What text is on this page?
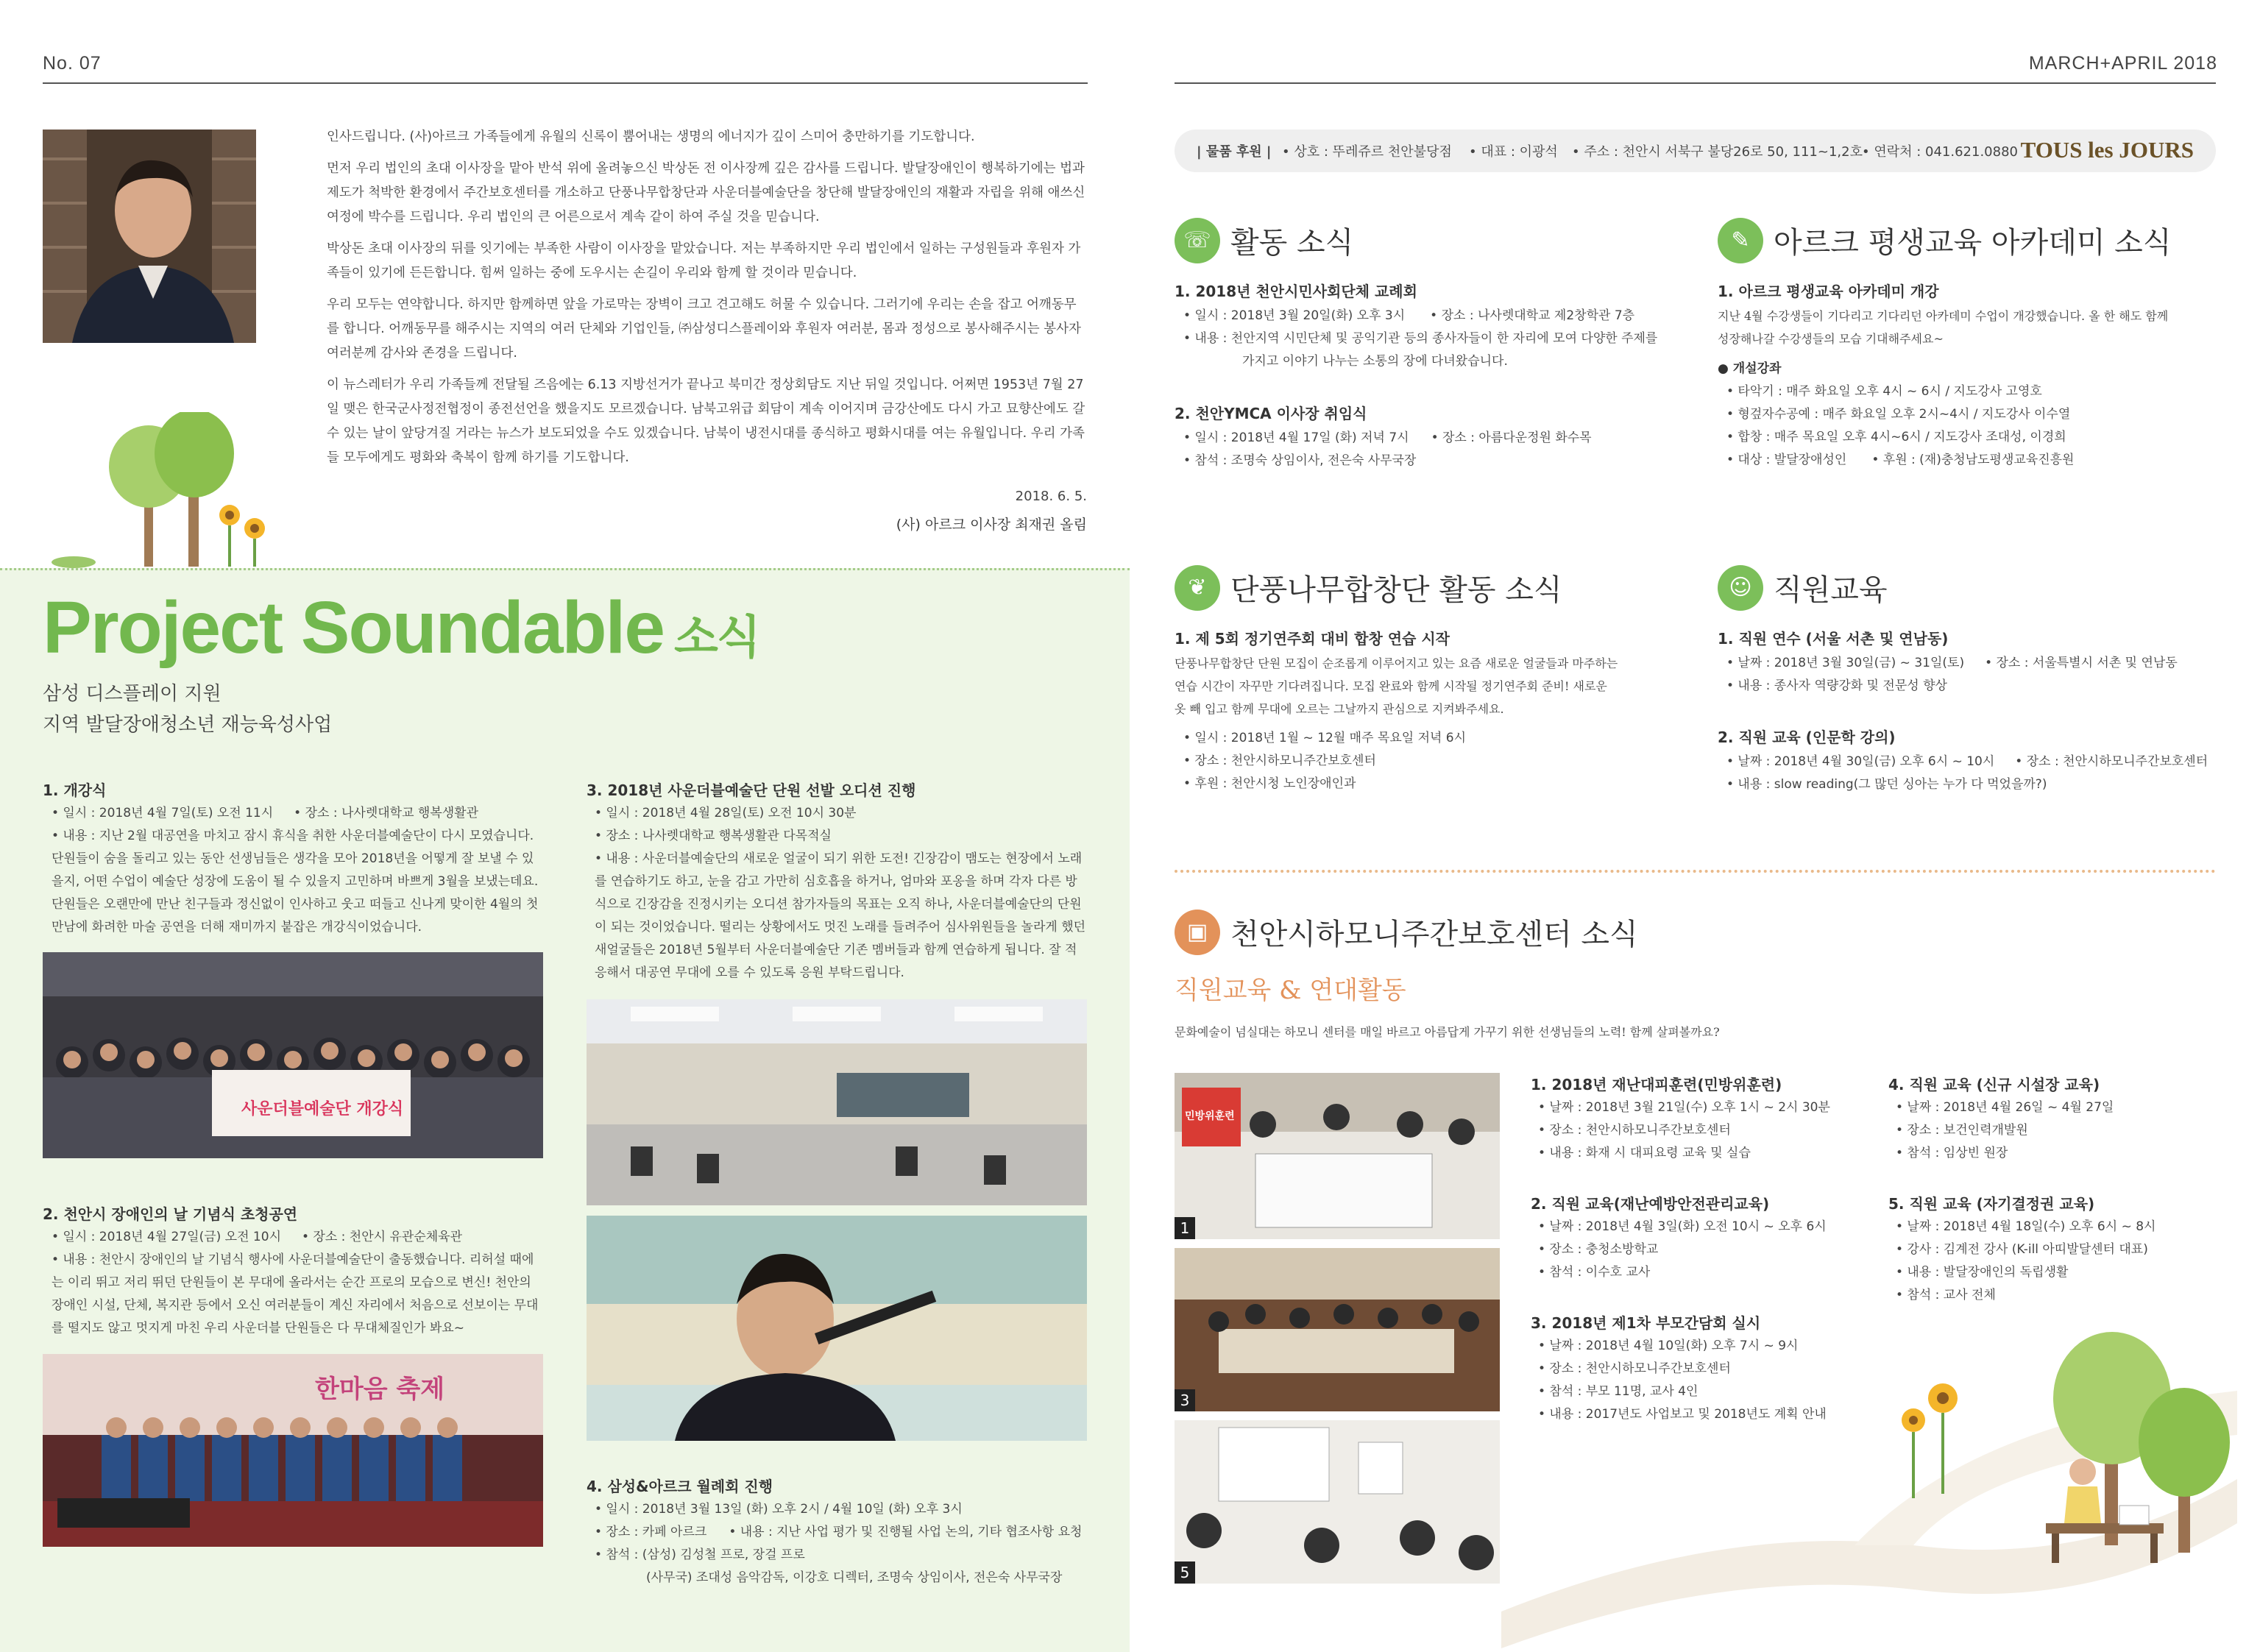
No. 07

인사드립니다. (사)아르크 가족들에게 유월의 신록이 뿜어내는 생명의 에너지가 깊이 스미어 충만하기를 기도합니다.

먼저 우리 법인의 초대 이사장을 맡아 반석 위에 올려놓으신 박상돈 전 이사장께 깊은 감사를 드립니다. 발달장애인이 행복하기에는 법과 제도가 척박한 환경에서 주간보호센터를 개소하고 단풍나무합창단과 사운더블예술단을 창단해 발달장애인의 재활과 자립을 위해 애쓰신 여정에 박수를 드립니다. 우리 법인의 큰 어른으로서 계속 같이 하여 주실 것을 믿습니다.

박상돈 초대 이사장의 뒤를 잇기에는 부족한 사람이 이사장을 맡았습니다. 저는 부족하지만 우리 법인에서 일하는 구성원들과 후원자 가족들이 있기에 든든합니다. 힘써 일하는 중에 도우시는 손길이 우리와 함께 할 것이라 믿습니다.

우리 모두는 연약합니다. 하지만 함께하면 앞을 가로막는 장벽이 크고 견고해도 허물 수 있습니다. 그러기에 우리는 손을 잡고 어깨동무를 합니다. 어깨동무를 해주시는 지역의 여러 단체와 기업인들, ㈜삼성디스플레이와 후원자 여러분, 몸과 정성으로 봉사해주시는 봉사자 여러분께 감사와 존경을 드립니다.

이 뉴스레터가 우리 가족들께 전달될 즈음에는 6.13 지방선거가 끝나고 북미간 정상회담도 지난 뒤일 것입니다. 어쩌면 1953년 7월 27일 맺은 한국군사정전협정이 종전선언을 했을지도 모르겠습니다. 남북고위급 회담이 계속 이어지며 금강산에도 다시 가고 묘향산에도 갈 수 있는 날이 앞당겨질 거라는 뉴스가 보도되었을 수도 있겠습니다. 남북이 냉전시대를 종식하고 평화시대를 여는 유월입니다. 우리 가족들 모두에게도 평화와 축복이 함께 하기를 기도합니다.

2018. 6. 5.
(사) 아르크 이사장 최재권 올림
Project Soundable 소식
삼성 디스플레이 지원
지역 발달장애청소년 재능육성사업
1. 개강식
• 일시 : 2018년 4월 7일(토) 오전 11시 • 장소 : 나사렛대학교 행복생활관
• 내용 : 지난 2월 대공연을 마치고 잠시 휴식을 취한 사운더블예술단이 다시 모였습니다. 단원들이 숨을 돌리고 있는 동안 선생님들은 생각을 모아 2018년을 어떻게 잘 보낼 수 있을지, 어떤 수업이 예술단 성장에 도움이 될 수 있을지 고민하며 바쁘게 3월을 보냈는데요. 단원들은 오랜만에 만난 친구들과 정신없이 인사하고 웃고 떠들고 신나게 맞이한 4월의 첫 만남에 화려한 마술 공연을 더해 재미까지 붙잡은 개강식이었습니다.
사운더블예술단 개강식
2. 천안시 장애인의 날 기념식 초청공연
• 일시 : 2018년 4월 27일(금) 오전 10시 • 장소 : 천안시 유관순체육관
• 내용 : 천안시 장애인의 날 기념식 행사에 사운더블예술단이 출동했습니다. 리허설 때에는 이리 뛰고 저리 뛰던 단원들이 본 무대에 올라서는 순간 프로의 모습으로 변신! 천안의 장애인 시설, 단체, 복지관 등에서 오신 여러분들이 계신 자리에서 처음으로 선보이는 무대를 떨지도 않고 멋지게 마친 우리 사운더블 단원들은 다 무대체질인가 봐요~
한마음 축제
3. 2018년 사운더블예술단 단원 선발 오디션 진행
• 일시 : 2018년 4월 28일(토) 오전 10시 30분
• 장소 : 나사렛대학교 행복생활관 다목적실
• 내용 : 사운더블예술단의 새로운 얼굴이 되기 위한 도전! 긴장감이 맴도는 현장에서 노래를 연습하기도 하고, 눈을 감고 가만히 심호흡을 하거나, 엄마와 포옹을 하며 각자 다른 방식으로 긴장감을 진정시키는 오디션 참가자들의 목표는 오직 하나, 사운더블예술단의 단원이 되는 것이었습니다. 떨리는 상황에서도 멋진 노래를 들려주어 심사위원들을 놀라게 했던 새얼굴들은 2018년 5월부터 사운더블예술단 기존 멤버들과 함께 연습하게 됩니다. 잘 적응해서 대공연 무대에 오를 수 있도록 응원 부탁드립니다.
4. 삼성&아르크 월례회 진행
• 일시 : 2018년 3월 13일 (화) 오후 2시 / 4월 10일 (화) 오후 3시
• 장소 : 카페 아르크 • 내용 : 지난 사업 평가 및 진행될 사업 논의, 기타 협조사항 요청
• 참석 : (삼성) 김성철 프로, 장걸 프로
(사무국) 조대성 음악감독, 이강호 디렉터, 조명숙 상임이사, 전은숙 사무국장
MARCH+APRIL 2018
| 물품 후원 | • 상호 : 뚜레쥬르 천안불당점 • 대표 : 이광석 • 주소 : 천안시 서북구 불당26로 50, 111~1,2호 • 연락처 : 041.621.0880 TOUS les JOURS
☏ 활동 소식
1. 2018년 천안시민사회단체 교례회
• 일시 : 2018년 3월 20일(화) 오후 3시 • 장소 : 나사렛대학교 제2창학관 7층
• 내용 : 천안지역 시민단체 및 공익기관 등의 종사자들이 한 자리에 모여 다양한 주제를
가지고 이야기 나누는 소통의 장에 다녀왔습니다.
2. 천안YMCA 이사장 취임식
• 일시 : 2018년 4월 17일 (화) 저녁 7시 • 장소 : 아름다운정원 화수목
• 참석 : 조명숙 상임이사, 전은숙 사무국장
✎ 아르크 평생교육 아카데미 소식
1. 아르크 평생교육 아카데미 개강
지난 4월 수강생들이 기다리고 기다리던 아카데미 수업이 개강했습니다. 올 한 해도 함께
성장해나갈 수강생들의 모습 기대해주세요~
● 개설강좌
• 타악기 : 매주 화요일 오후 4시 ~ 6시 / 지도강사 고영호
• 형겊자수공예 : 매주 화요일 오후 2시~4시 / 지도강사 이수열
• 합창 : 매주 목요일 오후 4시~6시 / 지도강사 조대성, 이경희
• 대상 : 발달장애성인 • 후원 : (재)충청남도평생교육진흥원
❦ 단풍나무합창단 활동 소식
1. 제 5회 정기연주회 대비 합창 연습 시작
단풍나무합창단 단원 모집이 순조롭게 이루어지고 있는 요즘 새로운 얼굴들과 마주하는
연습 시간이 자꾸만 기다려집니다. 모집 완료와 함께 시작될 정기연주회 준비! 새로운
옷 빼 입고 함께 무대에 오르는 그날까지 관심으로 지켜봐주세요.
• 일시 : 2018년 1월 ~ 12월 매주 목요일 저녁 6시
• 장소 : 천안시하모니주간보호센터
• 후원 : 천안시청 노인장애인과
☺ 직원교육
1. 직원 연수 (서울 서촌 및 연남동)
• 날짜 : 2018년 3월 30일(금) ~ 31일(토) • 장소 : 서울특별시 서촌 및 연남동
• 내용 : 종사자 역량강화 및 전문성 향상
2. 직원 교육 (인문학 강의)
• 날짜 : 2018년 4월 30일(금) 오후 6시 ~ 10시 • 장소 : 천안시하모니주간보호센터
• 내용 : slow reading(그 많던 싱아는 누가 다 먹었을까?)
▣ 천안시하모니주간보호센터 소식
직원교육 & 연대활동
문화예술이 넘실대는 하모니 센터를 매일 바르고 아름답게 가꾸기 위한 선생님들의 노력! 함께 살펴볼까요?
민방위훈련
1
3
5
1. 2018년 재난대피훈련(민방위훈련)
• 날짜 : 2018년 3월 21일(수) 오후 1시 ~ 2시 30분
• 장소 : 천안시하모니주간보호센터
• 내용 : 화재 시 대피요령 교육 및 실습
2. 직원 교육(재난예방안전관리교육)
• 날짜 : 2018년 4월 3일(화) 오전 10시 ~ 오후 6시
• 장소 : 충청소방학교
• 참석 : 이수호 교사
3. 2018년 제1차 부모간담회 실시
• 날짜 : 2018년 4월 10일(화) 오후 7시 ~ 9시
• 장소 : 천안시하모니주간보호센터
• 참석 : 부모 11명, 교사 4인
• 내용 : 2017년도 사업보고 및 2018년도 계획 안내
4. 직원 교육 (신규 시설장 교육)
• 날짜 : 2018년 4월 26일 ~ 4월 27일
• 장소 : 보건인력개발원
• 참석 : 임상빈 원장
5. 직원 교육 (자기결정권 교육)
• 날짜 : 2018년 4월 18일(수) 오후 6시 ~ 8시
• 강사 : 김계전 강사 (K-ill 아띠발달센터 대표)
• 내용 : 발달장애인의 독립생활
• 참석 : 교사 전체
